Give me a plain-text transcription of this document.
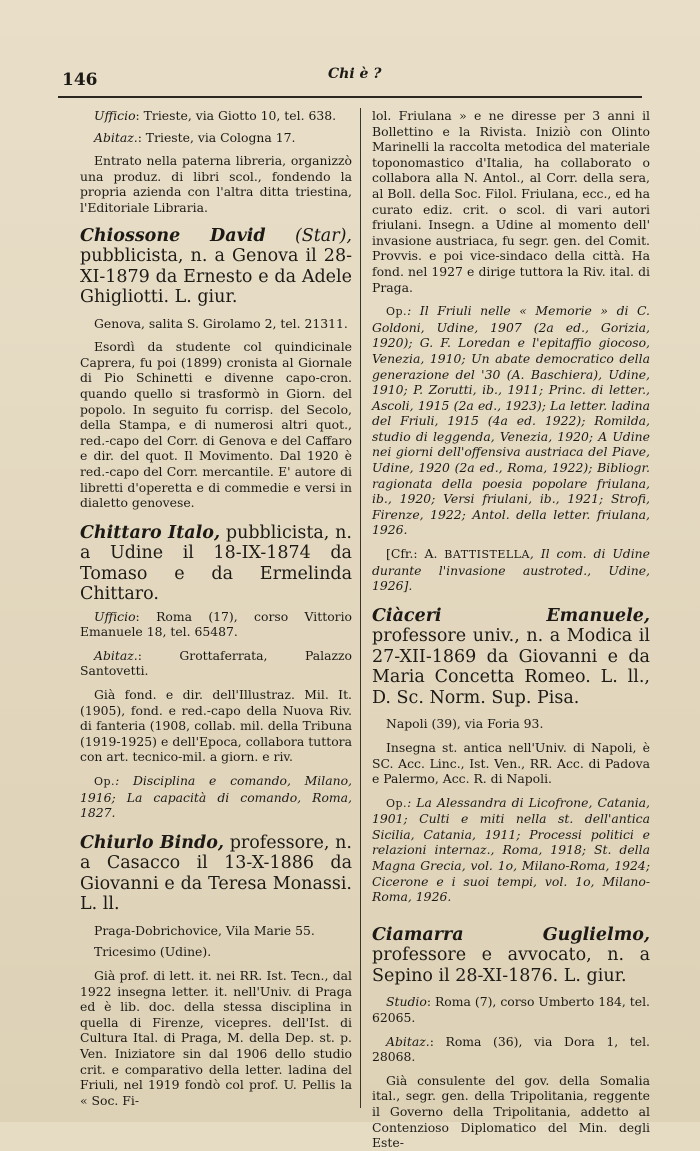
146	Chi è ?

Ufficio: Trieste, via Giotto 10, tel. 638.

Abitaz.: Trieste, via Cologna 17.

Entrato nella paterna libreria, organizzò una produz. di libri scol., fondendo la propria azienda con l'altra ditta triestina, l'Editoriale Libraria.

Chiossone David (Star), pubblicista, n. a Genova il 28-XI-1879 da Ernesto e da Adele Ghigliotti. L. giur.

Genova, salita S. Girolamo 2, tel. 21311.

Esordì da studente col quindicinale Caprera, fu poi (1899) cronista al Giornale di Pio Schinetti e divenne capo-cron. quando quello si trasformò in Giorn. del popolo. In seguito fu corrisp. del Secolo, della Stampa, e di numerosi altri quot., red.-capo del Corr. di Genova e del Caffaro e dir. del quot. Il Movimento. Dal 1920 è red.-capo del Corr. mercantile. E' autore di libretti d'operetta e di commedie e versi in dialetto genovese.

Chittaro Italo, pubblicista, n. a Udine il 18-IX-1874 da Tomaso e da Ermelinda Chittaro.

Ufficio: Roma (17), corso Vittorio Emanuele 18, tel. 65487.

Abitaz.: Grottaferrata, Palazzo Santovetti.

Già fond. e dir. dell'Illustraz. Mil. It. (1905), fond. e red.-capo della Nuova Riv. di fanteria (1908, collab. mil. della Tribuna (1919-1925) e dell'Epoca, collabora tuttora con art. tecnico-mil. a giorn. e riv.

Op.: Disciplina e comando, Milano, 1916; La capacità di comando, Roma, 1827.

Chiurlo Bindo, professore, n. a Casacco il 13-X-1886 da Giovanni e da Teresa Monassi. L. ll.

Praga-Dobrichovice, Vila Marie 55.

Tricesimo (Udine).

Già prof. di lett. it. nei RR. Ist. Tecn., dal 1922 insegna letter. it. nell'Univ. di Praga ed è lib. doc. della stessa disciplina in quella di Firenze, vicepres. dell'Ist. di Cultura Ital. di Praga, M. della Dep. st. p. Ven. Iniziatore sin dal 1906 dello studio crit. e comparativo della letter. ladina del Friuli, nel 1919 fondò col prof. U. Pellis la « Soc. Fi-

lol. Friulana » e ne diresse per 3 anni il Bollettino e la Rivista. Iniziò con Olinto Marinelli la raccolta metodica del materiale toponomastico d'Italia, ha collaborato o collabora alla N. Antol., al Corr. della sera, al Boll. della Soc. Filol. Friulana, ecc., ed ha curato ediz. crit. o scol. di vari autori friulani. Insegn. a Udine al momento dell' invasione austriaca, fu segr. gen. del Comit. Provvis. e poi vice-sindaco della città. Ha fond. nel 1927 e dirige tuttora la Riv. ital. di Praga.

Op.: Il Friuli nelle « Memorie » di C. Goldoni, Udine, 1907 (2a ed., Gorizia, 1920); G. F. Loredan e l'epitaffio giocoso, Venezia, 1910; Un abate democratico della generazione del '30 (A. Baschiera), Udine, 1910; P. Zorutti, ib., 1911; Princ. di letter., Ascoli, 1915 (2a ed., 1923); La letter. ladina del Friuli, 1915 (4a ed. 1922); Romilda, studio di leggenda, Venezia, 1920; A Udine nei giorni dell'offensiva austriaca del Piave, Udine, 1920 (2a ed., Roma, 1922); Bibliogr. ragionata della poesia popolare friulana, ib., 1920; Versi friulani, ib., 1921; Strofi, Firenze, 1922; Antol. della letter. friulana, 1926.

[Cfr.: A. BATTISTELLA, Il com. di Udine durante l'invasione austroted., Udine, 1926].

Ciàceri Emanuele, professore univ., n. a Modica il 27-XII-1869 da Giovanni e da Maria Concetta Romeo. L. ll., D. Sc. Norm. Sup. Pisa.

Napoli (39), via Foria 93.

Insegna st. antica nell'Univ. di Napoli, è SC. Acc. Linc., Ist. Ven., RR. Acc. di Padova e Palermo, Acc. R. di Napoli.

Op.: La Alessandra di Licofrone, Catania, 1901; Culti e miti nella st. dell'antica Sicilia, Catania, 1911; Processi politici e relazioni internaz., Roma, 1918; St. della Magna Grecia, vol. 1o, Milano-Roma, 1924; Cicerone e i suoi tempi, vol. 1o, Milano-Roma, 1926.

Ciamarra Guglielmo, professore e avvocato, n. a Sepino il 28-XI-1876. L. giur.

Studio: Roma (7), corso Umberto 184, tel. 62065.

Abitaz.: Roma (36), via Dora 1, tel. 28068.

Già consulente del gov. della Somalia ital., segr. gen. della Tripolitania, reggente il Governo della Tripolitania, addetto al Contenzioso Diplomatico del Min. degli Este-
